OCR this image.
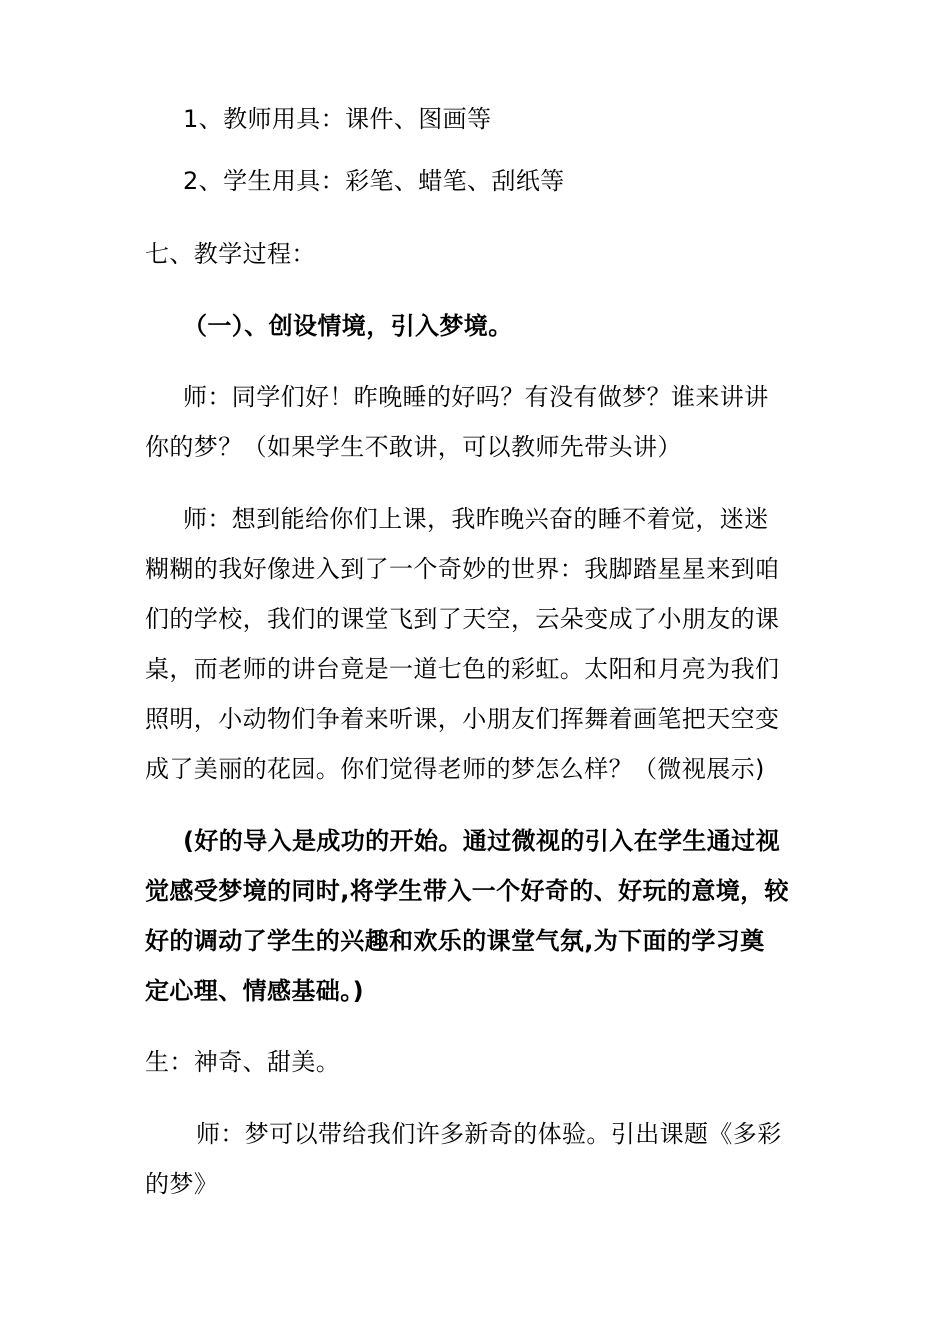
1、教师用具：课件、图画等
2、学生用具：彩笔、蜡笔、刮纸等
七、教学过程：
（一）、创设情境，引入梦境。
师：同学们好！昨晚睡的好吗？有没有做梦？谁来讲讲
你的梦？（如果学生不敢讲，可以教师先带头讲）
师：想到能给你们上课，我昨晚兴奋的睡不着觉，迷迷
糊糊的我好像进入到了一个奇妙的世界：我脚踏星星来到咱
们的学校，我们的课堂飞到了天空，云朵变成了小朋友的课
桌，而老师的讲台竟是一道七色的彩虹。太阳和月亮为我们
照明，小动物们争着来听课，小朋友们挥舞着画笔把天空变
成了美丽的花园。你们觉得老师的梦怎么样？（微视展示)
(好的导入是成功的开始。通过微视的引入在学生通过视
觉感受梦境的同时,将学生带入一个好奇的、好玩的意境，较
好的调动了学生的兴趣和欢乐的课堂气氛,为下面的学习奠
定心理、情感基础。)
生：神奇、甜美。
师：梦可以带给我们许多新奇的体验。引出课题《多彩
的梦》
